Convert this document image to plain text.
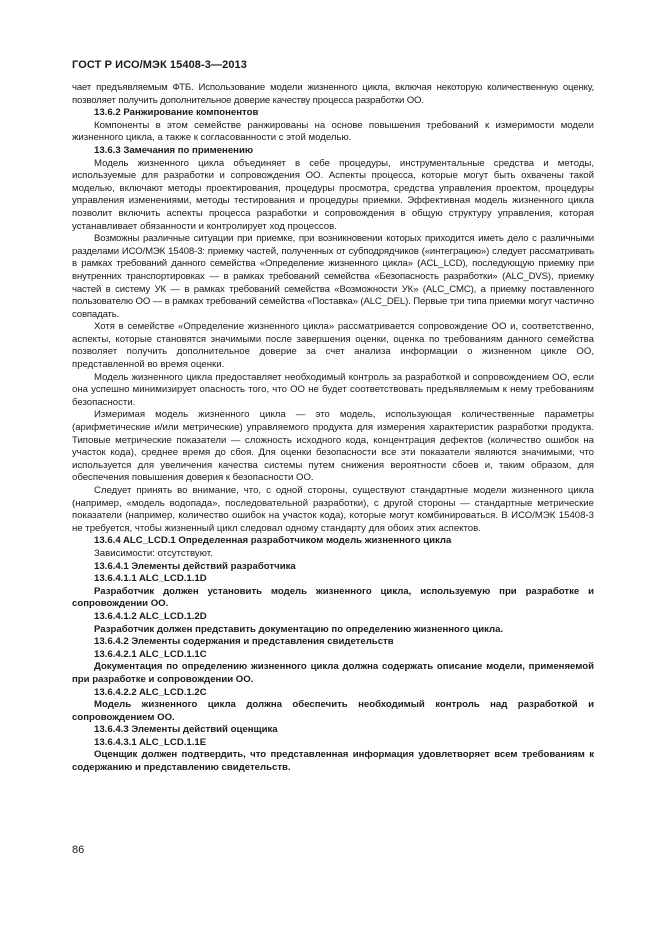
ГОСТ Р ИСО/МЭК 15408-3—2013

чает предъявляемым ФТБ. Использование модели жизненного цикла, включая некоторую количественную оценку, позволяет получить дополнительное доверие качеству процесса разработки ОО.

13.6.2 Ранжирование компонентов

Компоненты в этом семействе ранжированы на основе повышения требований к измеримости модели жизненного цикла, а также к согласованности с этой моделью.

13.6.3 Замечания по применению

Модель жизненного цикла объединяет в себе процедуры, инструментальные средства и методы, используемые для разработки и сопровождения ОО. Аспекты процесса, которые могут быть охвачены такой моделью, включают методы проектирования, процедуры просмотра, средства управления проектом, процедуры управления изменениями, методы тестирования и процедуры приемки. Эффективная модель жизненного цикла позволит включить аспекты процесса разработки и сопровождения в общую структуру управления, которая устанавливает обязанности и контролирует ход процессов.

Возможны различные ситуации при приемке, при возникновении которых приходится иметь дело с различными разделами ИСО/МЭК 15408-3: приемку частей, полученных от субподрядчиков («интеграцию») следует рассматривать в рамках требований данного семейства «Определение жизненного цикла» (ACL_LCD), последующую приемку при внутренних транспортировках — в рамках требований семейства «Безопасность разработки» (ALC_DVS), приемку частей в систему УК — в рамках требований семейства «Возможности УК» (ALC_CMC), а приемку поставленного пользователю ОО — в рамках требований семейства «Поставка» (ALC_DEL). Первые три типа приемки могут частично совпадать.

Хотя в семействе «Определение жизненного цикла» рассматривается сопровождение ОО и, соответственно, аспекты, которые становятся значимыми после завершения оценки, оценка по требованиям данного семейства позволяет получить дополнительное доверие за счет анализа информации о жизненном цикле ОО, представленной во время оценки.

Модель жизненного цикла предоставляет необходимый контроль за разработкой и сопровождением ОО, если она успешно минимизирует опасность того, что ОО не будет соответствовать предъявляемым к нему требованиям безопасности.

Измеримая модель жизненного цикла — это модель, использующая количественные параметры (арифметические и/или метрические) управляемого продукта для измерения характеристик разработки продукта. Типовые метрические показатели — сложность исходного кода, концентрация дефектов (количество ошибок на участок кода), среднее время до сбоя. Для оценки безопасности все эти показатели являются значимыми, что используется для увеличения качества системы путем снижения вероятности сбоев и, таким образом, для обеспечения повышения доверия к безопасности ОО.

Следует принять во внимание, что, с одной стороны, существуют стандартные модели жизненного цикла (например, «модель водопада», последовательной разработки), с другой стороны — стандартные метрические показатели (например, количество ошибок на участок кода), которые могут комбинироваться. В ИСО/МЭК 15408-3 не требуется, чтобы жизненный цикл следовал одному стандарту для обоих этих аспектов.

13.6.4 ALC_LCD.1 Определенная разработчиком модель жизненного цикла

Зависимости: отсутствуют.

13.6.4.1 Элементы действий разработчика

13.6.4.1.1 ALC_LCD.1.1D

Разработчик должен установить модель жизненного цикла, используемую при разработке и сопровождении ОО.

13.6.4.1.2 ALC_LCD.1.2D

Разработчик должен представить документацию по определению жизненного цикла.

13.6.4.2 Элементы содержания и представления свидетельств

13.6.4.2.1 ALC_LCD.1.1C

Документация по определению жизненного цикла должна содержать описание модели, применяемой при разработке и сопровождении ОО.

13.6.4.2.2 ALC_LCD.1.2C

Модель жизненного цикла должна обеспечить необходимый контроль над разработкой и сопровождением ОО.

13.6.4.3 Элементы действий оценщика

13.6.4.3.1 ALC_LCD.1.1E

Оценщик должен подтвердить, что представленная информация удовлетворяет всем требованиям к содержанию и представлению свидетельств.

86
